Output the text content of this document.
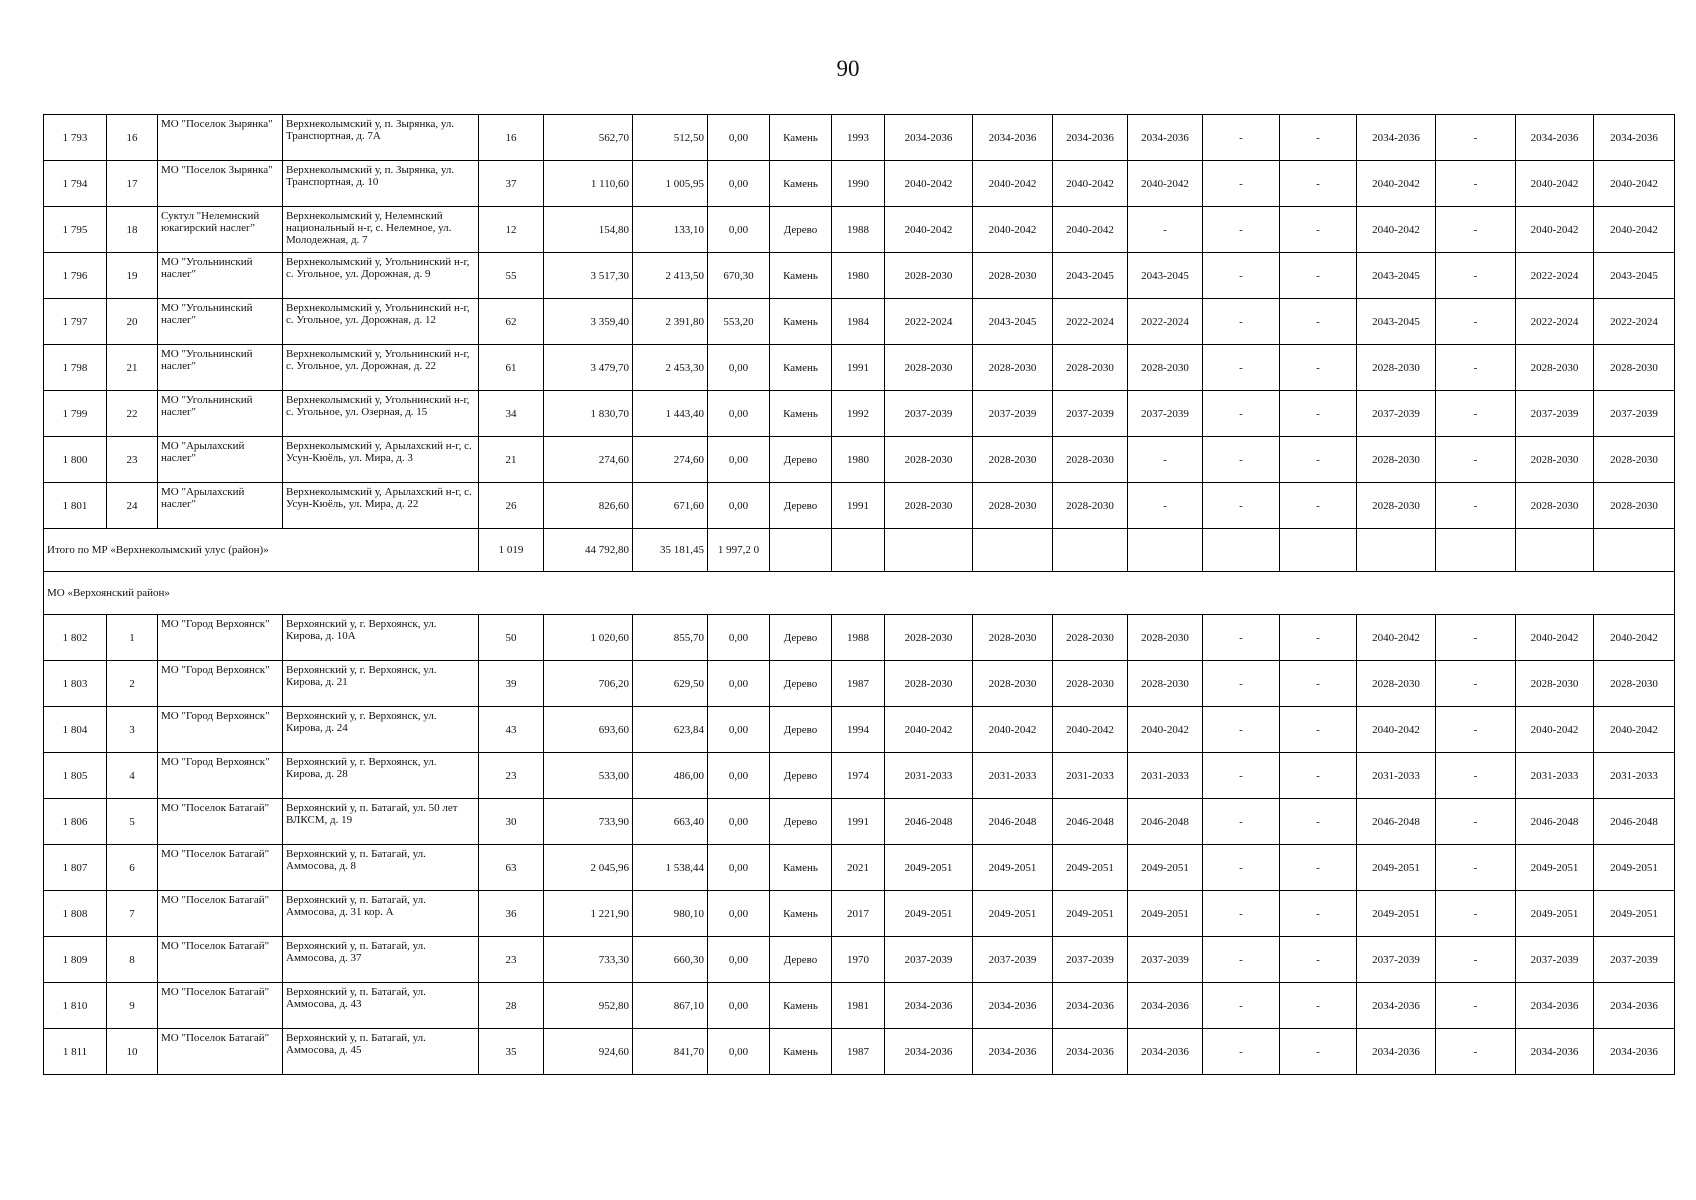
90
1 793	16	МО "Поселок Зырянка"	Верхнеколымский у, п. Зырянка, ул. Транспортная, д. 7А	16	562,70	512,50	0,00	Камень	1993	2034-2036	2034-2036	2034-2036	2034-2036	-	-	2034-2036	-	2034-2036	2034-2036

1 794	17	МО "Поселок Зырянка"	Верхнеколымский у, п. Зырянка, ул. Транспортная, д. 10	37	1 110,60	1 005,95	0,00	Камень	1990	2040-2042	2040-2042	2040-2042	2040-2042	-	-	2040-2042	-	2040-2042	2040-2042

1 795	18	Суктул "Нелемнский юкагирский наслег"	Верхнеколымский у, Нелемнский национальный н-г, с. Нелемное, ул. Молодежная, д. 7	12	154,80	133,10	0,00	Дерево	1988	2040-2042	2040-2042	2040-2042	-	-	-	2040-2042	-	2040-2042	2040-2042

1 796	19	МО "Угольнинский наслег"	Верхнеколымский у, Угольнинский н-г, с. Угольное, ул. Дорожная, д. 9	55	3 517,30	2 413,50	670,30	Камень	1980	2028-2030	2028-2030	2043-2045	2043-2045	-	-	2043-2045	-	2022-2024	2043-2045

1 797	20	МО "Угольнинский наслег"	Верхнеколымский у, Угольнинский н-г, с. Угольное, ул. Дорожная, д. 12	62	3 359,40	2 391,80	553,20	Камень	1984	2022-2024	2043-2045	2022-2024	2022-2024	-	-	2043-2045	-	2022-2024	2022-2024

1 798	21	МО "Угольнинский наслег"	Верхнеколымский у, Угольнинский н-г, с. Угольное, ул. Дорожная, д. 22	61	3 479,70	2 453,30	0,00	Камень	1991	2028-2030	2028-2030	2028-2030	2028-2030	-	-	2028-2030	-	2028-2030	2028-2030

1 799	22	МО "Угольнинский наслег"	Верхнеколымский у, Угольнинский н-г, с. Угольное, ул. Озерная, д. 15	34	1 830,70	1 443,40	0,00	Камень	1992	2037-2039	2037-2039	2037-2039	2037-2039	-	-	2037-2039	-	2037-2039	2037-2039

1 800	23	МО "Арылахский наслег"	Верхнеколымский у, Арылахский н-г, с. Усун-Кюёль, ул. Мира, д. 3	21	274,60	274,60	0,00	Дерево	1980	2028-2030	2028-2030	2028-2030	-	-	-	2028-2030	-	2028-2030	2028-2030

1 801	24	МО "Арылахский наслег"	Верхнеколымский у, Арылахский н-г, с. Усун-Кюёль, ул. Мира, д. 22	26	826,60	671,60	0,00	Дерево	1991	2028-2030	2028-2030	2028-2030	-	-	-	2028-2030	-	2028-2030	2028-2030

Итого по МР «Верхнеколымский улус (район)»				1 019	44 792,80	35 181,45	1 997,2 0												
МО «Верхоянский район»																			

1 802	1	МО "Город Верхоянск"	Верхоянский у, г. Верхоянск, ул. Кирова, д. 10А	50	1 020,60	855,70	0,00	Дерево	1988	2028-2030	2028-2030	2028-2030	2028-2030	-	-	2040-2042	-	2040-2042	2040-2042

1 803	2	МО "Город Верхоянск"	Верхоянский у, г. Верхоянск, ул. Кирова, д. 21	39	706,20	629,50	0,00	Дерево	1987	2028-2030	2028-2030	2028-2030	2028-2030	-	-	2028-2030	-	2028-2030	2028-2030

1 804	3	МО "Город Верхоянск"	Верхоянский у, г. Верхоянск, ул. Кирова, д. 24	43	693,60	623,84	0,00	Дерево	1994	2040-2042	2040-2042	2040-2042	2040-2042	-	-	2040-2042	-	2040-2042	2040-2042

1 805	4	МО "Город Верхоянск"	Верхоянский у, г. Верхоянск, ул. Кирова, д. 28	23	533,00	486,00	0,00	Дерево	1974	2031-2033	2031-2033	2031-2033	2031-2033	-	-	2031-2033	-	2031-2033	2031-2033

1 806	5	МО "Поселок Батагай"	Верхоянский у, п. Батагай, ул. 50 лет ВЛКСМ, д. 19	30	733,90	663,40	0,00	Дерево	1991	2046-2048	2046-2048	2046-2048	2046-2048	-	-	2046-2048	-	2046-2048	2046-2048

1 807	6	МО "Поселок Батагай"	Верхоянский у, п. Батагай, ул. Аммосова, д. 8	63	2 045,96	1 538,44	0,00	Камень	2021	2049-2051	2049-2051	2049-2051	2049-2051	-	-	2049-2051	-	2049-2051	2049-2051

1 808	7	МО "Поселок Батагай"	Верхоянский у, п. Батагай, ул. Аммосова, д. 31 кор. А	36	1 221,90	980,10	0,00	Камень	2017	2049-2051	2049-2051	2049-2051	2049-2051	-	-	2049-2051	-	2049-2051	2049-2051

1 809	8	МО "Поселок Батагай"	Верхоянский у, п. Батагай, ул. Аммосова, д. 37	23	733,30	660,30	0,00	Дерево	1970	2037-2039	2037-2039	2037-2039	2037-2039	-	-	2037-2039	-	2037-2039	2037-2039

1 810	9	МО "Поселок Батагай"	Верхоянский у, п. Батагай, ул. Аммосова, д. 43	28	952,80	867,10	0,00	Камень	1981	2034-2036	2034-2036	2034-2036	2034-2036	-	-	2034-2036	-	2034-2036	2034-2036

1 811	10	МО "Поселок Батагай"	Верхоянский у, п. Батагай, ул. Аммосова, д. 45	35	924,60	841,70	0,00	Камень	1987	2034-2036	2034-2036	2034-2036	2034-2036	-	-	2034-2036	-	2034-2036	2034-2036
